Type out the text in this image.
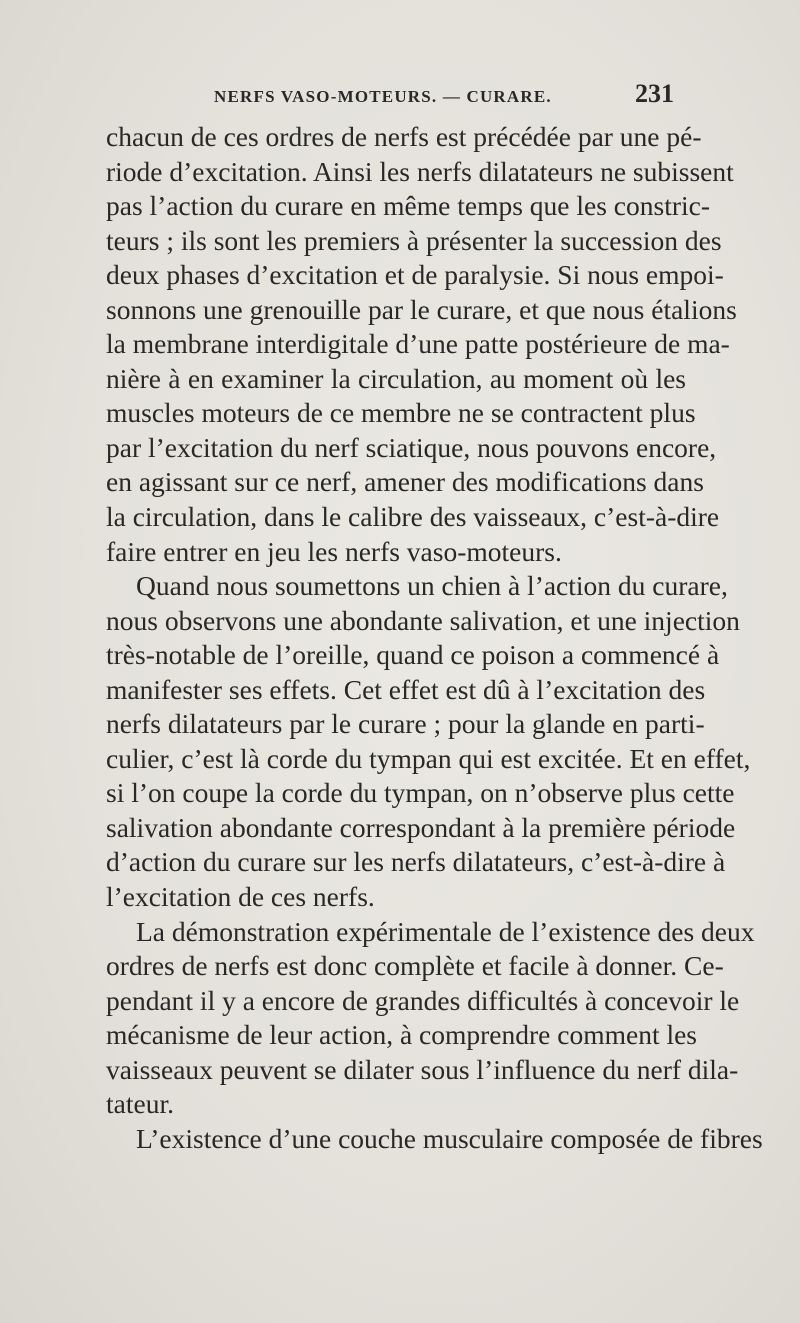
NERFS VASO-MOTEURS. — CURARE.	231
chacun de ces ordres de nerfs est précédée par une pé-
riode d’excitation. Ainsi les nerfs dilatateurs ne subissent
pas l’action du curare en même temps que les constric-
teurs ; ils sont les premiers à présenter la succession des
deux phases d’excitation et de paralysie. Si nous empoi-
sonnons une grenouille par le curare, et que nous étalions
la membrane interdigitale d’une patte postérieure de ma-
nière à en examiner la circulation, au moment où les
muscles moteurs de ce membre ne se contractent plus
par l’excitation du nerf sciatique, nous pouvons encore,
en agissant sur ce nerf, amener des modifications dans
la circulation, dans le calibre des vaisseaux, c’est-à-dire
faire entrer en jeu les nerfs vaso-moteurs.
Quand nous soumettons un chien à l’action du curare,
nous observons une abondante salivation, et une injection
très-notable de l’oreille, quand ce poison a commencé à
manifester ses effets. Cet effet est dû à l’excitation des
nerfs dilatateurs par le curare ; pour la glande en parti-
culier, c’est là corde du tympan qui est excitée. Et en effet,
si l’on coupe la corde du tympan, on n’observe plus cette
salivation abondante correspondant à la première période
d’action du curare sur les nerfs dilatateurs, c’est-à-dire à
l’excitation de ces nerfs.
La démonstration expérimentale de l’existence des deux
ordres de nerfs est donc complète et facile à donner. Ce-
pendant il y a encore de grandes difficultés à concevoir le
mécanisme de leur action, à comprendre comment les
vaisseaux peuvent se dilater sous l’influence du nerf dila-
tateur.
L’existence d’une couche musculaire composée de fibres
